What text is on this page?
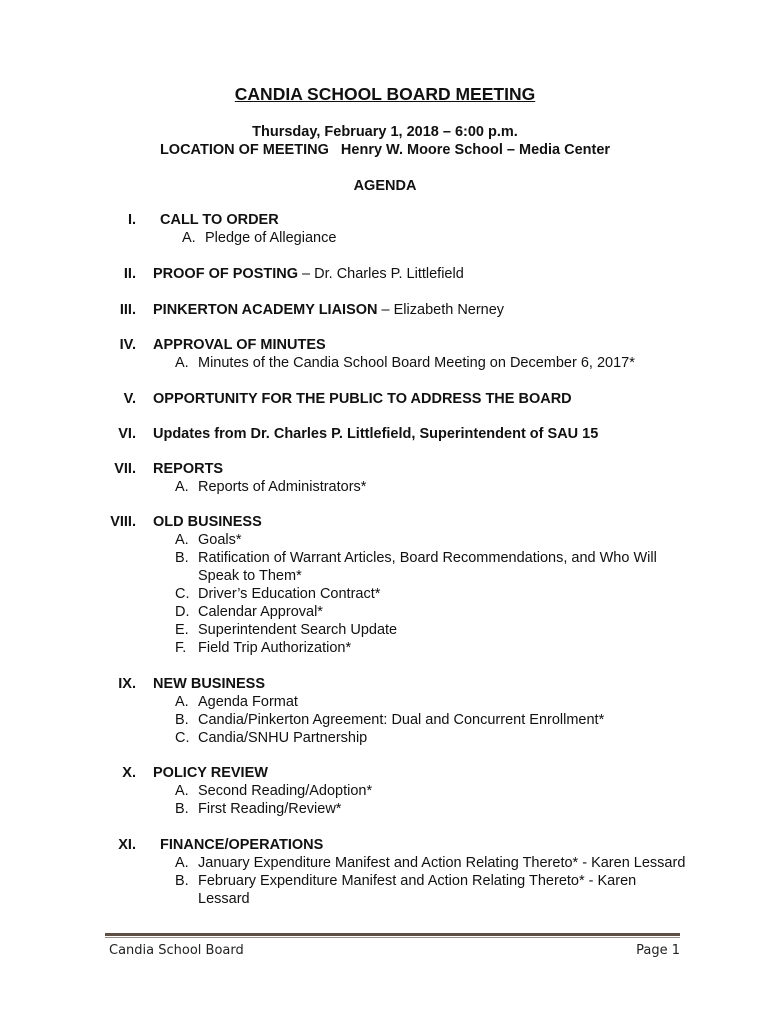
CANDIA SCHOOL BOARD MEETING
Thursday, February 1, 2018 – 6:00 p.m.
LOCATION OF MEETING   Henry W. Moore School – Media Center
AGENDA
I. CALL TO ORDER
A. Pledge of Allegiance
II. PROOF OF POSTING – Dr. Charles P. Littlefield
III. PINKERTON ACADEMY LIAISON – Elizabeth Nerney
IV. APPROVAL OF MINUTES
A. Minutes of the Candia School Board Meeting on December 6, 2017*
V. OPPORTUNITY FOR THE PUBLIC TO ADDRESS THE BOARD
VI. Updates from Dr. Charles P. Littlefield, Superintendent of SAU 15
VII. REPORTS
A. Reports of Administrators*
VIII. OLD BUSINESS
A. Goals*
B. Ratification of Warrant Articles, Board Recommendations, and Who Will Speak to Them*
C. Driver’s Education Contract*
D. Calendar Approval*
E. Superintendent Search Update
F. Field Trip Authorization*
IX. NEW BUSINESS
A. Agenda Format
B. Candia/Pinkerton Agreement: Dual and Concurrent Enrollment*
C. Candia/SNHU Partnership
X. POLICY REVIEW
A. Second Reading/Adoption*
B. First Reading/Review*
XI. FINANCE/OPERATIONS
A. January Expenditure Manifest and Action Relating Thereto* - Karen Lessard
B. February Expenditure Manifest and Action Relating Thereto* - Karen Lessard
Candia School Board	Page 1
